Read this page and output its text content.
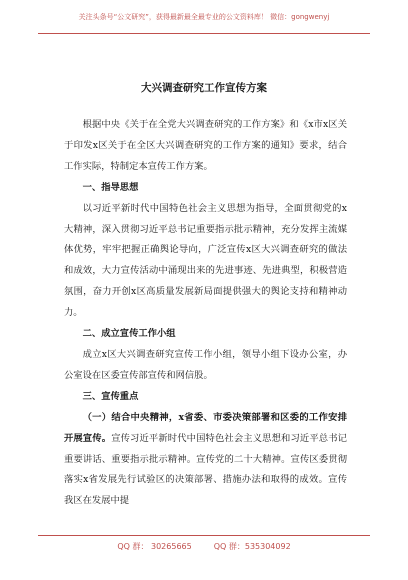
关注头条号“公文研究”，获得最新最全最专业的公文资料库！ 微信：gongwenyj
大兴调查研究工作宣传方案

根据中央《关于在全党大兴调查研究的工作方案》和《x市x区关于印发x区关于在全区大兴调查研究的工作方案的通知》要求，结合工作实际，特制定本宣传工作方案。

一、指导思想

以习近平新时代中国特色社会主义思想为指导，全面贯彻党的x大精神，深入贯彻习近平总书记重要指示批示精神，充分发挥主流媒体优势，牢牢把握正确舆论导向，广泛宣传x区大兴调查研究的做法和成效，大力宣传活动中涌现出来的先进事迹、先进典型，积极营造氛围，奋力开创x区高质量发展新局面提供强大的舆论支持和精神动力。

二、成立宣传工作小组

成立x区大兴调查研究宣传工作小组，领导小组下设办公室，办公室设在区委宣传部宣传和网信股。

三、宣传重点

（一）结合中央精神，x省委、市委决策部署和区委的工作安排开展宣传。宣传习近平新时代中国特色社会主义思想和习近平总书记重要讲话、重要指示批示精神。宣传党的二十大精神。宣传区委贯彻落实x省发展先行试验区的决策部署、措施办法和取得的成效。宣传我区在发展中提

QQ 群： 30265665	QQ 群：535304092
